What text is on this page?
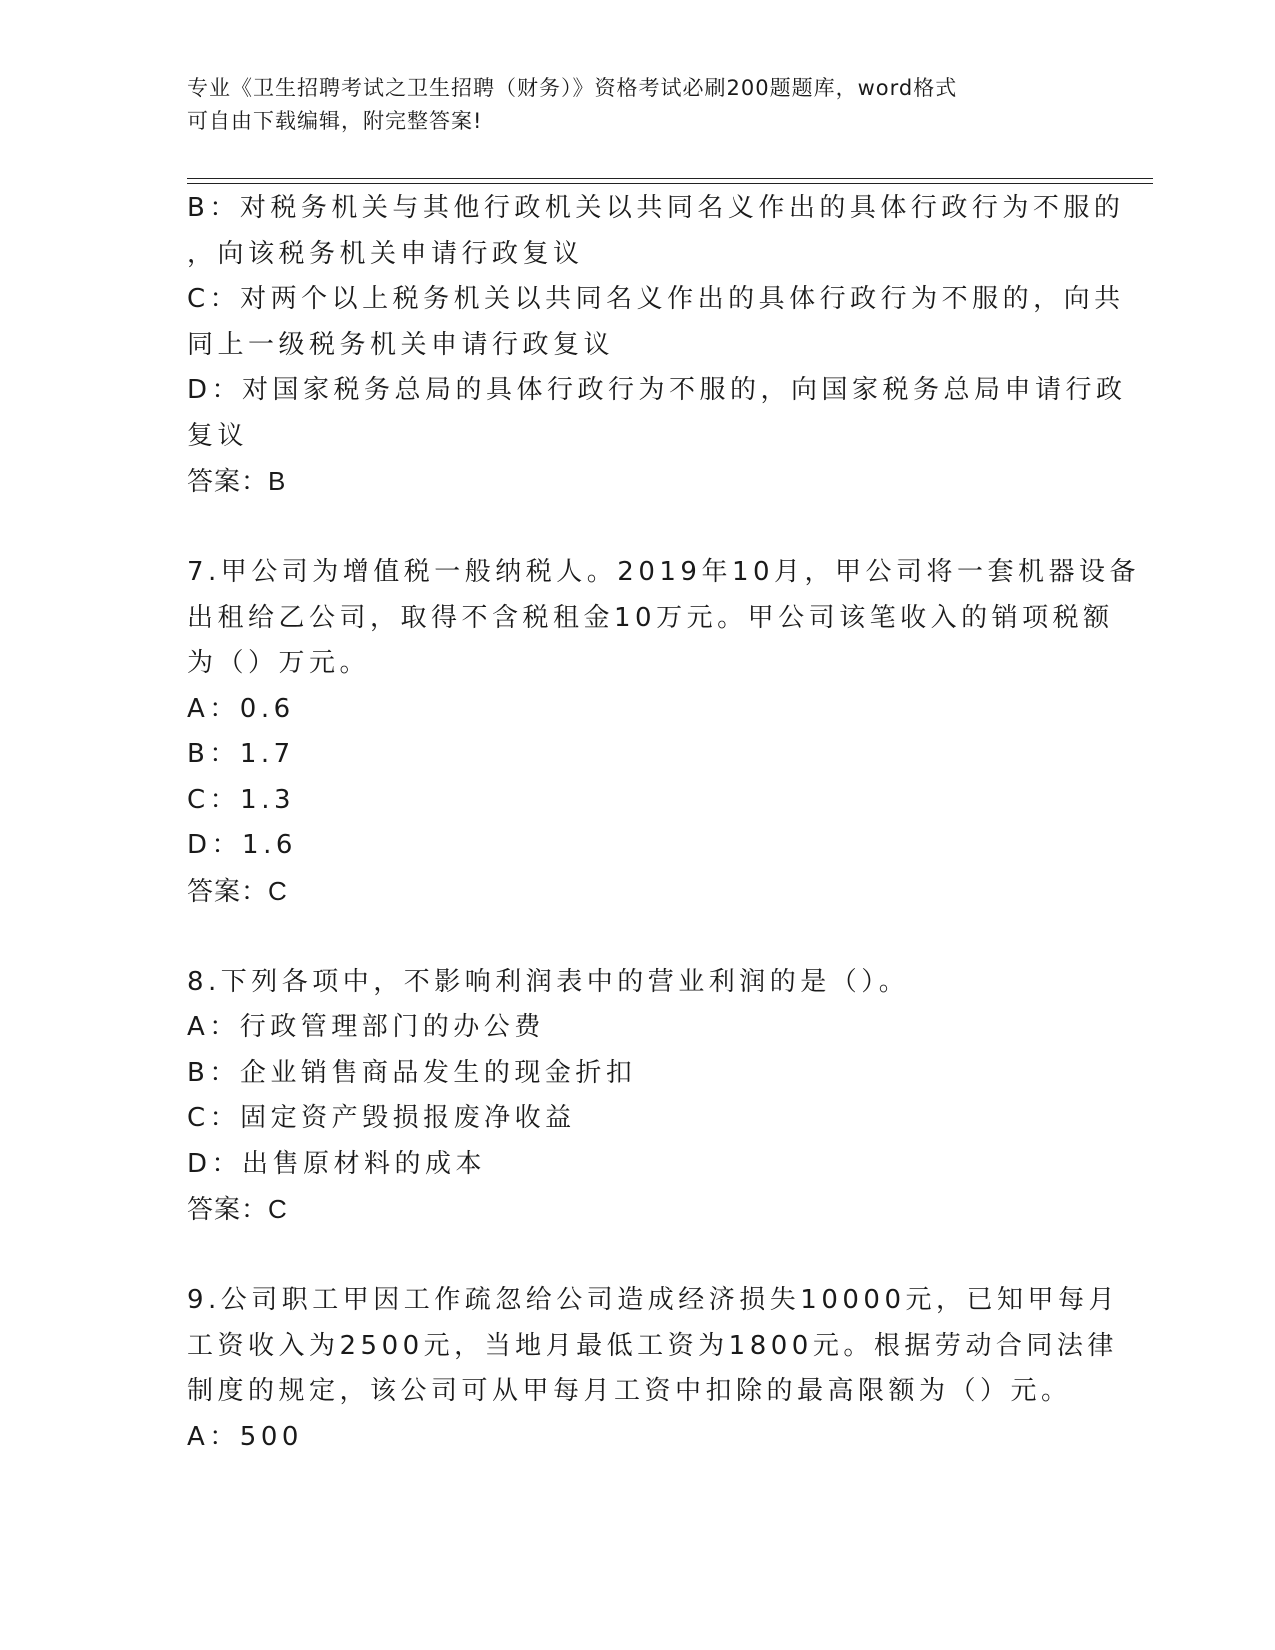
专业《卫生招聘考试之卫生招聘（财务）》资格考试必刷200题题库，word格式
可自由下载编辑，附完整答案!
B：对税务机关与其他行政机关以共同名义作出的具体行政行为不服的
，向该税务机关申请行政复议
C：对两个以上税务机关以共同名义作出的具体行政行为不服的，向共
同上一级税务机关申请行政复议
D：对国家税务总局的具体行政行为不服的，向国家税务总局申请行政
复议
答案：B
7.甲公司为增值税一般纳税人。2019年10月，甲公司将一套机器设备
出租给乙公司，取得不含税租金10万元。甲公司该笔收入的销项税额
为（）万元。
A：0.6
B：1.7
C：1.3
D：1.6
答案：C
8.下列各项中，不影响利润表中的营业利润的是（）。
A：行政管理部门的办公费
B：企业销售商品发生的现金折扣
C：固定资产毁损报废净收益
D：出售原材料的成本
答案：C
9.公司职工甲因工作疏忽给公司造成经济损失10000元，已知甲每月
工资收入为2500元，当地月最低工资为1800元。根据劳动合同法律
制度的规定，该公司可从甲每月工资中扣除的最高限额为（）元。
A：500
